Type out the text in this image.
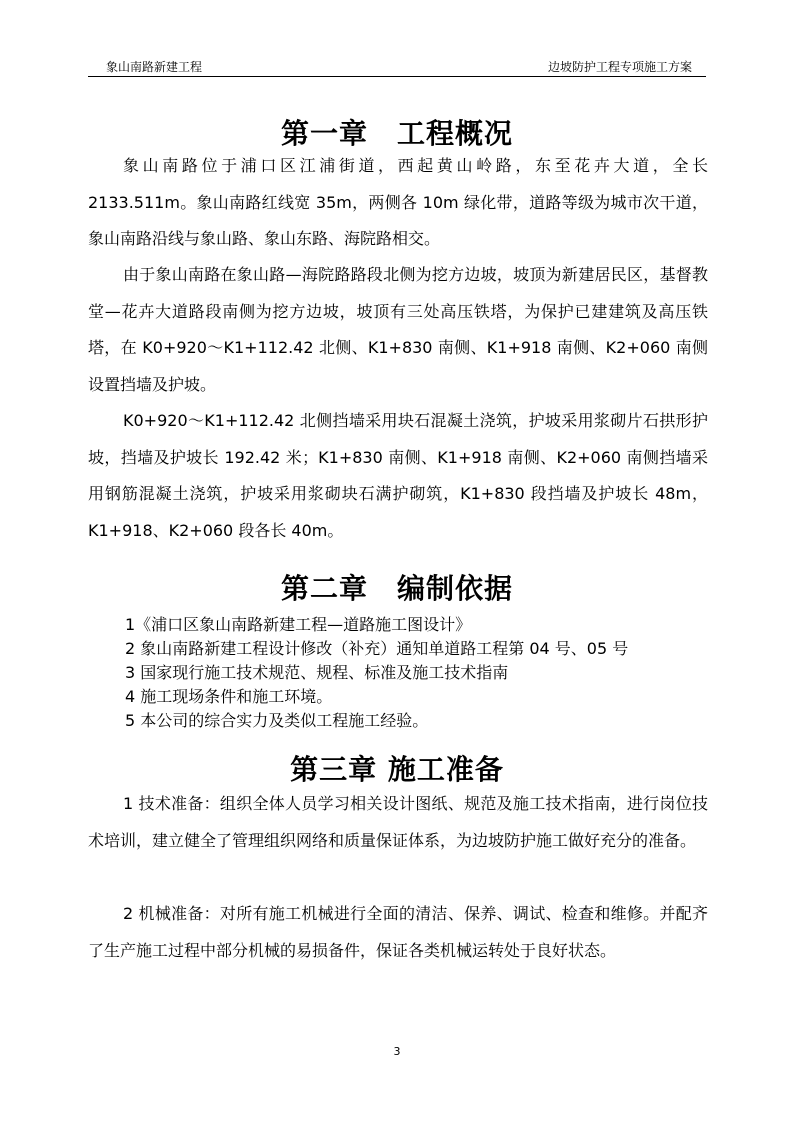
象山南路新建工程	边坡防护工程专项施工方案
第一章　工程概况
象山南路位于浦口区江浦街道，西起黄山岭路，东至花卉大道，全长2133.511m。象山南路红线宽 35m，两侧各 10m 绿化带，道路等级为城市次干道，象山南路沿线与象山路、象山东路、海院路相交。
由于象山南路在象山路—海院路路段北侧为挖方边坡，坡顶为新建居民区，基督教堂—花卉大道路段南侧为挖方边坡，坡顶有三处高压铁塔，为保护已建建筑及高压铁塔，在 K0+920～K1+112.42 北侧、K1+830 南侧、K1+918 南侧、K2+060 南侧设置挡墙及护坡。
K0+920～K1+112.42 北侧挡墙采用块石混凝土浇筑，护坡采用浆砌片石拱形护坡，挡墙及护坡长 192.42 米；K1+830 南侧、K1+918 南侧、K2+060 南侧挡墙采用钢筋混凝土浇筑，护坡采用浆砌块石满护砌筑，K1+830 段挡墙及护坡长 48m，K1+918、K2+060 段各长 40m。
第二章　编制依据
1《浦口区象山南路新建工程—道路施工图设计》
2 象山南路新建工程设计修改（补充）通知单道路工程第 04 号、05 号
3 国家现行施工技术规范、规程、标准及施工技术指南
4 施工现场条件和施工环境。
5 本公司的综合实力及类似工程施工经验。
第三章 施工准备
1 技术准备：组织全体人员学习相关设计图纸、规范及施工技术指南，进行岗位技术培训，建立健全了管理组织网络和质量保证体系，为边坡防护施工做好充分的准备。
2 机械准备：对所有施工机械进行全面的清洁、保养、调试、检查和维修。并配齐了生产施工过程中部分机械的易损备件，保证各类机械运转处于良好状态。
3
